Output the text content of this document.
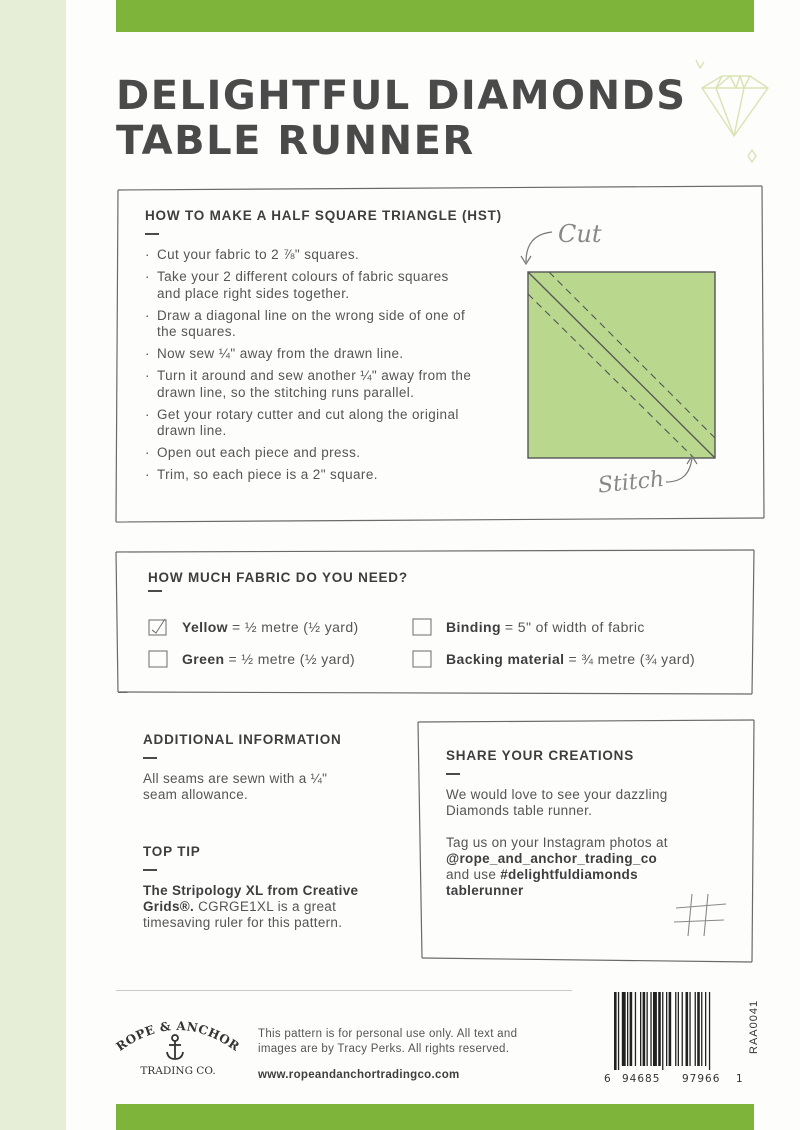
DELIGHTFUL DIAMONDS
TABLE RUNNER
HOW TO MAKE A HALF SQUARE TRIANGLE (HST)
· Cut your fabric to 2 ⅞" squares.
· Take your 2 different colours of fabric squares and place right sides together.
· Draw a diagonal line on the wrong side of one of the squares.
· Now sew ¼" away from the drawn line.
· Turn it around and sew another ¼" away from the drawn line, so the stitching runs parallel.
· Get your rotary cutter and cut along the original drawn line.
· Open out each piece and press.
· Trim, so each piece is a 2" square.
Cut
Stitch
HOW MUCH FABRIC DO YOU NEED?
Yellow = ½ metre (½ yard)
Green = ½ metre (½ yard)
Binding = 5" of width of fabric
Backing material = ¾ metre (¾ yard)
ADDITIONAL INFORMATION
All seams are sewn with a ¼" seam allowance.
TOP TIP
The Stripology XL from Creative Grids®. CGRGE1XL is a great timesaving ruler for this pattern.
SHARE YOUR CREATIONS
We would love to see your dazzling Diamonds table runner.
Tag us on your Instagram photos at
@rope_and_anchor_trading_co
and use #delightfuldiamonds tablerunner
ROPE & ANCHOR
TRADING CO.
This pattern is for personal use only. All text and
images are by Tracy Perks. All rights reserved.
www.ropeandanchortradingco.com	6 94685 97966 1
RAA0041
